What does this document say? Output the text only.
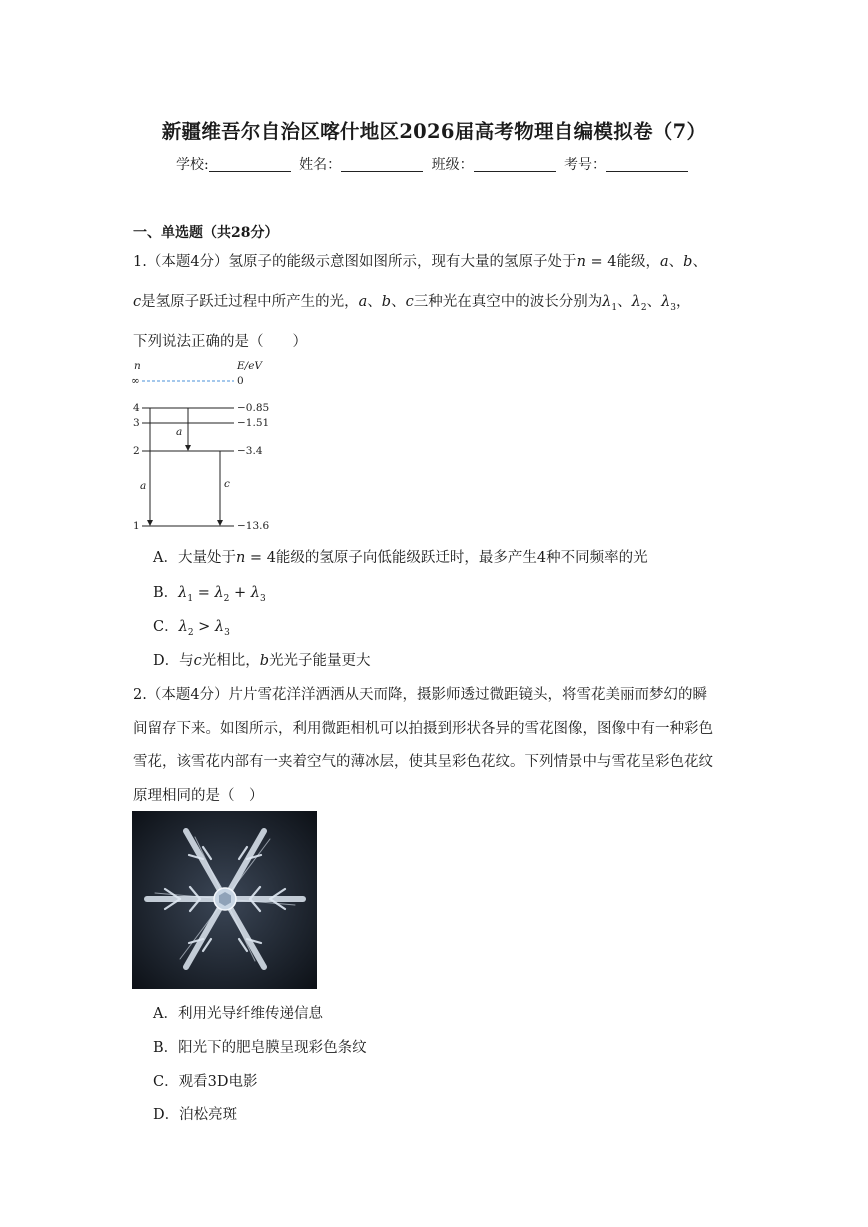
新疆维吾尔自治区喀什地区2026届高考物理自编模拟卷（7）
学校:	姓名：	班级：	考号：
一、单选题（共28分）
1.（本题4分）氢原子的能级示意图如图所示，现有大量的氢原子处于n = 4能级，a、b、
c是氢原子跃迁过程中所产生的光，a、b、c三种光在真空中的波长分别为$\lambda_1$、$\lambda_2$、$\lambda_3$，
下列说法正确的是（　　）
n	E/eV
∞	0
4	−0.85
3	−1.51
2	−3.4
1	−13.6
a
a	c
A．大量处于n = 4能级的氢原子向低能级跃迁时，最多产生4种不同频率的光
B．$\lambda_1 = \lambda_2 + \lambda_3$
C．$\lambda_2 > \lambda_3$
D．与c光相比，b光光子能量更大
2.（本题4分）片片雪花洋洋洒洒从天而降，摄影师透过微距镜头，将雪花美丽而梦幻的瞬
间留存下来。如图所示，利用微距相机可以拍摄到形状各异的雪花图像，图像中有一种彩色
雪花，该雪花内部有一夹着空气的薄冰层，使其呈彩色花纹。下列情景中与雪花呈彩色花纹
原理相同的是（　）
A．利用光导纤维传递信息
B．阳光下的肥皂膜呈现彩色条纹
C．观看3D电影
D．泊松亮斑
